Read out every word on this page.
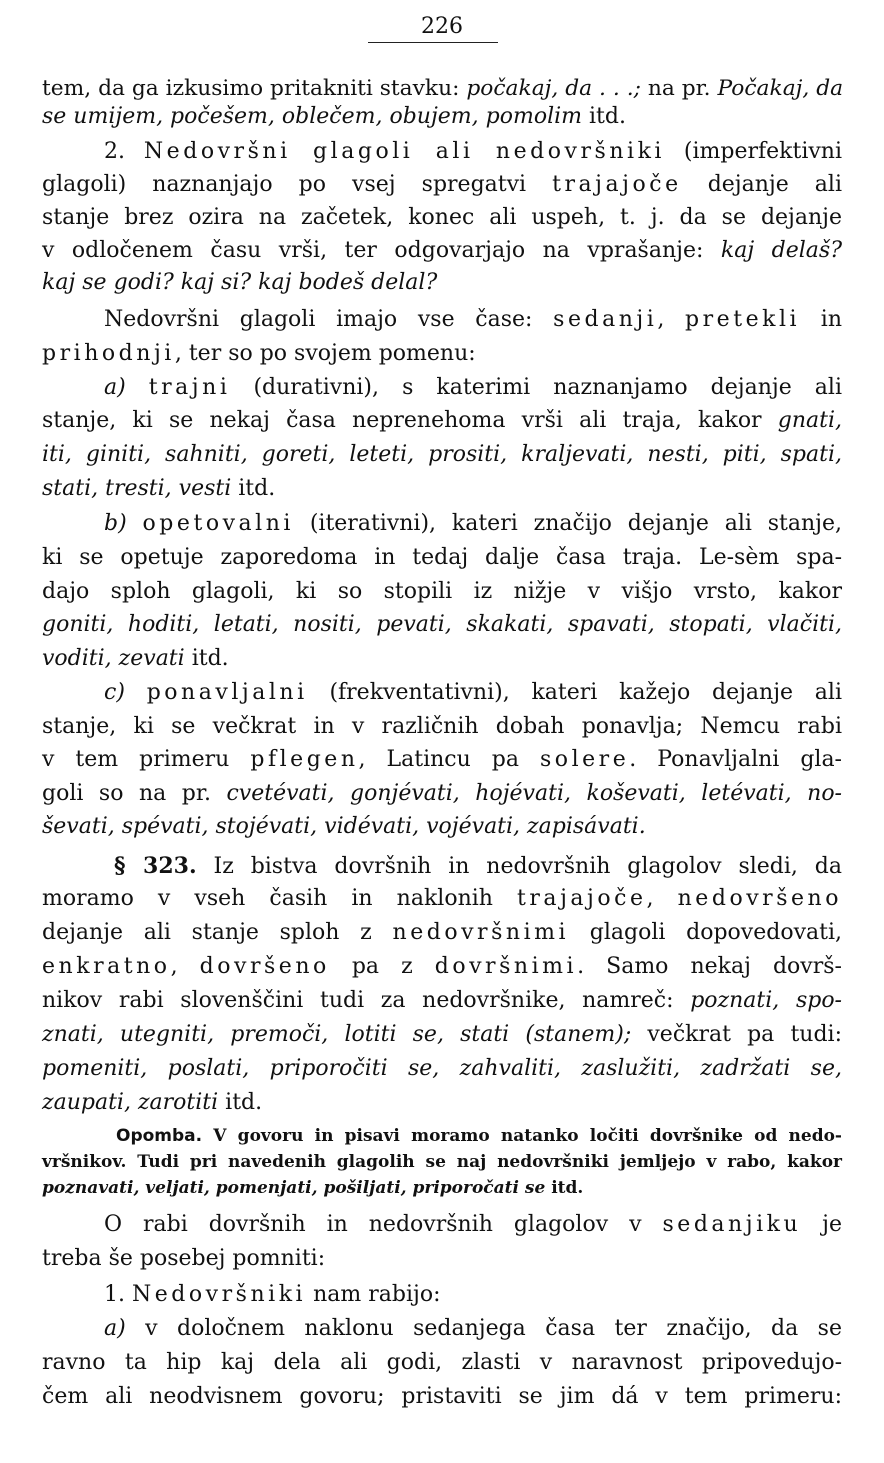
226
tem, da ga izkusimo pritakniti stavku: počakaj, da . . .; na pr. Počakaj, da
se umijem, počešem, oblečem, obujem, pomolim itd.
2. Nedovršni glagoli ali nedovršniki (imperfektivni
glagoli) naznanjajo po vsej spregatvi trajajoče dejanje ali
stanje brez ozira na začetek, konec ali uspeh, t. j. da se dejanje
v odločenem času vrši, ter odgovarjajo na vprašanje: kaj delaš?
kaj se godi? kaj si? kaj bodeš delal?
Nedovršni glagoli imajo vse čase: sedanji, pretekli in
prihodnji, ter so po svojem pomenu:
a) trajni (durativni), s katerimi naznanjamo dejanje ali
stanje, ki se nekaj časa neprenehoma vrši ali traja, kakor gnati,
iti, giniti, sahniti, goreti, leteti, prositi, kraljevati, nesti, piti, spati,
stati, tresti, vesti itd.
b) opetovalni (iterativni), kateri značijo dejanje ali stanje,
ki se opetuje zaporedoma in tedaj dalje časa traja. Le-sèm spa-
dajo sploh glagoli, ki so stopili iz nižje v višjo vrsto, kakor
goniti, hoditi, letati, nositi, pevati, skakati, spavati, stopati, vlačiti,
voditi, zevati itd.
c) ponavljalni (frekventativni), kateri kažejo dejanje ali
stanje, ki se večkrat in v različnih dobah ponavlja; Nemcu rabi
v tem primeru pflegen, Latincu pa solere. Ponavljalni gla-
goli so na pr. cvetévati, gonjévati, hojévati, koševati, letévati, no-
ševati, spévati, stojévati, vidévati, vojévati, zapisávati.
§ 323. Iz bistva dovršnih in nedovršnih glagolov sledi, da
moramo v vseh časih in naklonih trajajoče, nedovršeno
dejanje ali stanje sploh z nedovršnimi glagoli dopovedovati,
enkratno, dovršeno pa z dovršnimi. Samo nekaj dovrš-
nikov rabi slovenščini tudi za nedovršnike, namreč: poznati, spo-
znati, utegniti, premoči, lotiti se, stati (stanem); večkrat pa tudi:
pomeniti, poslati, priporočiti se, zahvaliti, zaslužiti, zadržati se,
zaupati, zarotiti itd.
Opomba. V govoru in pisavi moramo natanko ločiti dovršnike od nedo-
vršnikov. Tudi pri navedenih glagolih se naj nedovršniki jemljejo v rabo, kakor
poznavati, veljati, pomenjati, pošiljati, priporočati se itd.
O rabi dovršnih in nedovršnih glagolov v sedanjiku je
treba še posebej pomniti:
1. Nedovršniki nam rabijo:
a) v določnem naklonu sedanjega časa ter značijo, da se
ravno ta hip kaj dela ali godi, zlasti v naravnost pripovedujo-
čem ali neodvisnem govoru; pristaviti se jim dá v tem primeru:
